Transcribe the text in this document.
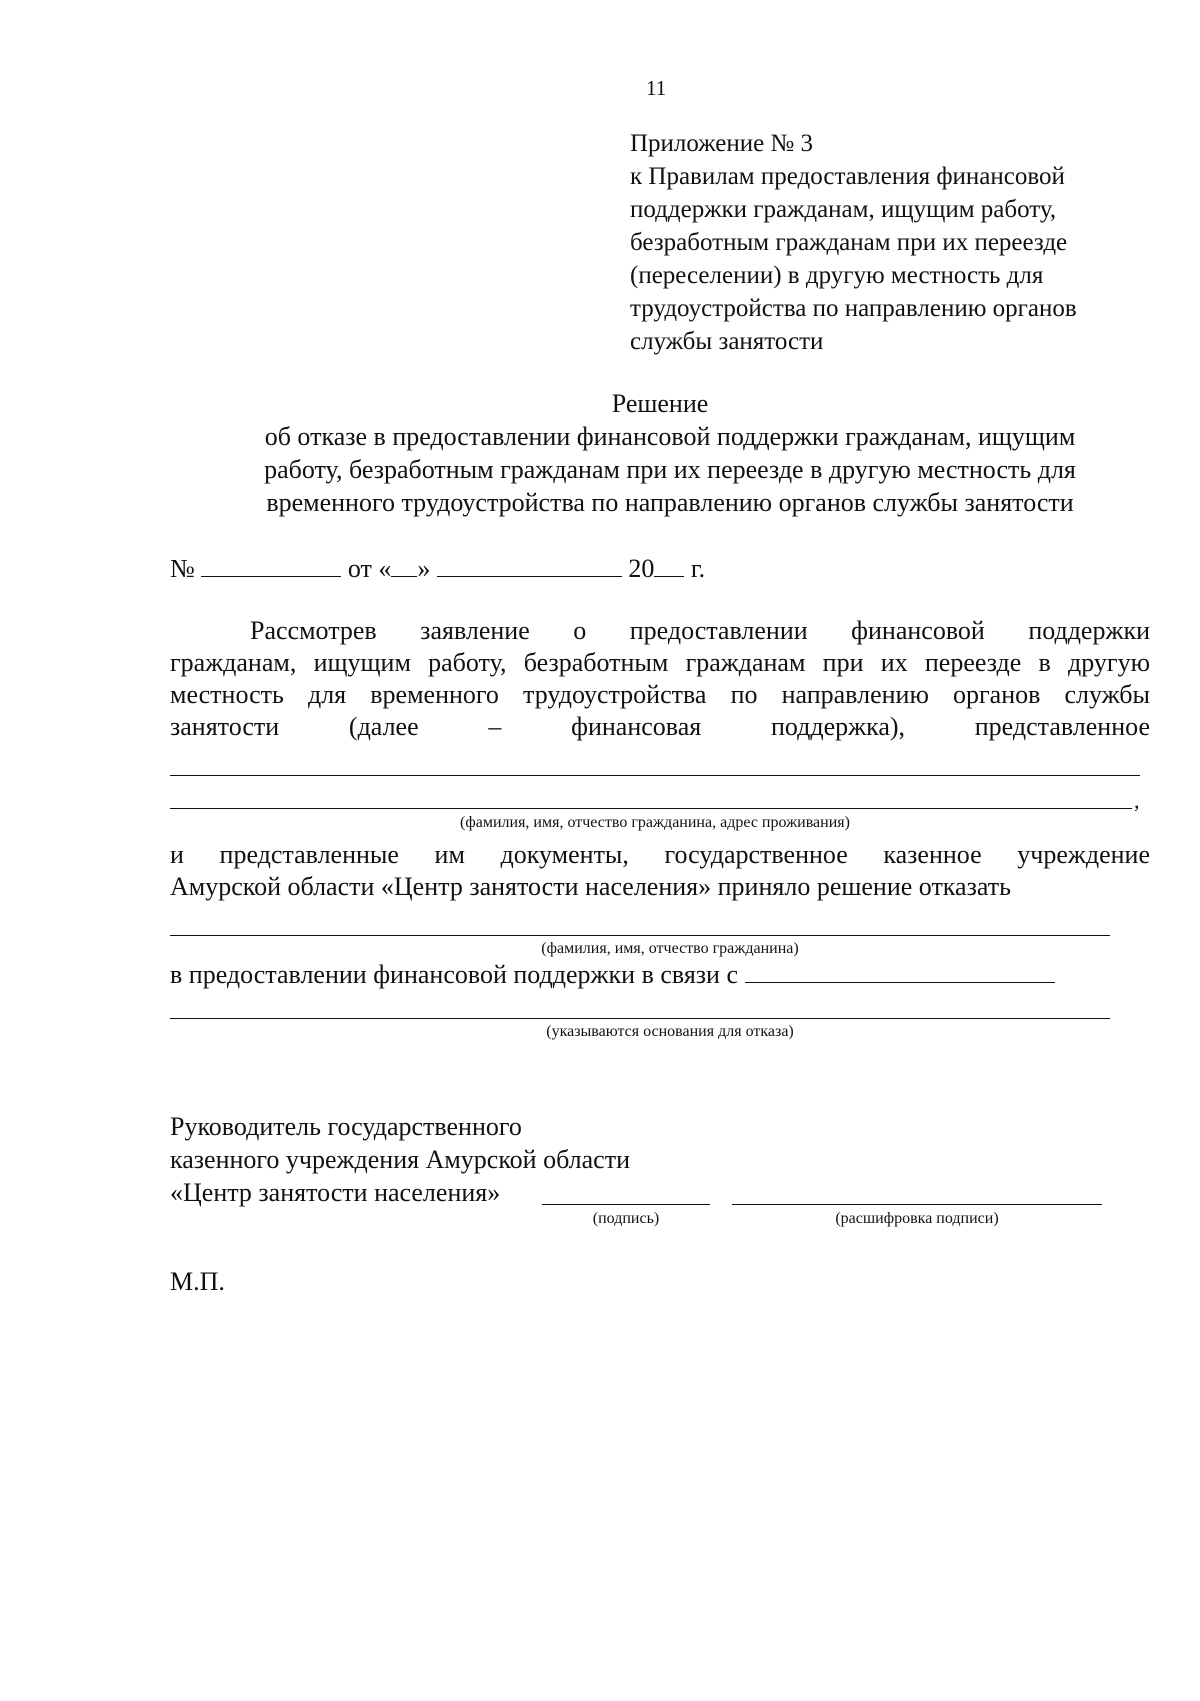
11
Приложение № 3
к Правилам предоставления финансовой
поддержки гражданам, ищущим работу,
безработным гражданам при их переезде
(переселении) в другую местность для
трудоустройства по направлению органов
службы занятости
Решение
об отказе в предоставлении финансовой поддержки гражданам, ищущим
работу, безработным гражданам при их переезде в другую местность для
временного трудоустройства по направлению органов службы занятости
№	от « »	20 г.
Рассмотрев заявление о предоставлении финансовой поддержки
гражданам, ищущим работу, безработным гражданам при их переезде в другую
местность для временного трудоустройства по направлению органов службы
занятости (далее – финансовая поддержка), представленное
,
(фамилия, имя, отчество гражданина, адрес проживания)
и представленные им документы, государственное казенное учреждение
Амурской области «Центр занятости населения» приняло решение отказать
(фамилия, имя, отчество гражданина)
в предоставлении финансовой поддержки в связи с
(указываются основания для отказа)
Руководитель государственного
казенного учреждения Амурской области
«Центр занятости населения»
(подпись)	(расшифровка подписи)
М.П.
